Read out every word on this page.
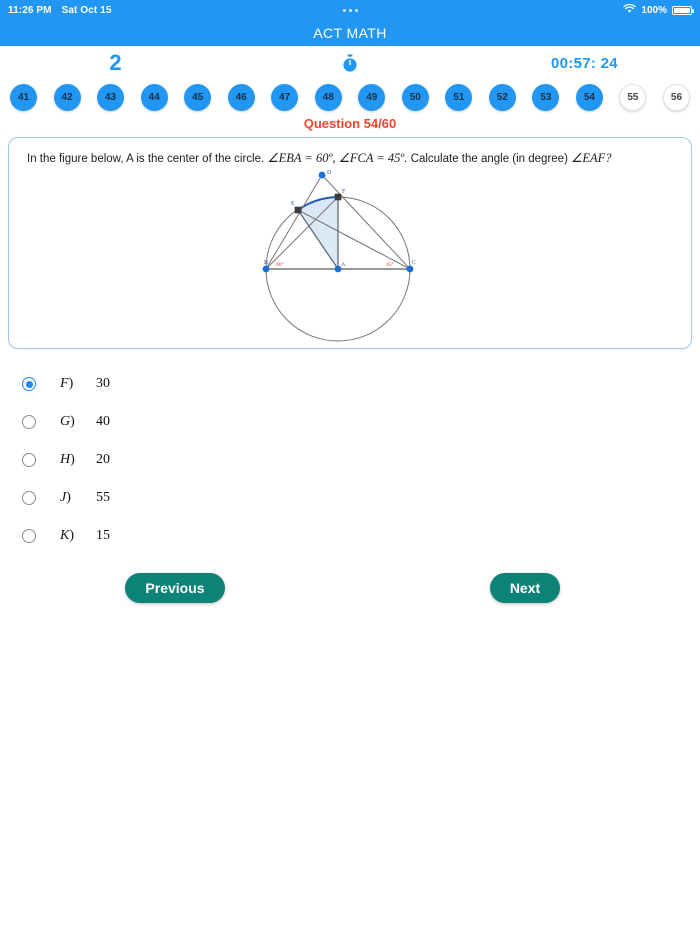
11:26 PM Sat Oct 15	100%
ACT MATH
2	00:57: 24
41	42	43	44	45	46	47	48	49	50	51	52	53	54	55	56
Question 54/60
In the figure below, A is the center of the circle. ∠EBA = 60º, ∠FCA = 45º. Calculate the angle (in degree) ∠EAF?
D
E
F
B	A	C
60°	45°
F)	30
G)	40
H)	20
J)	55
K)	15
Previous	Next
